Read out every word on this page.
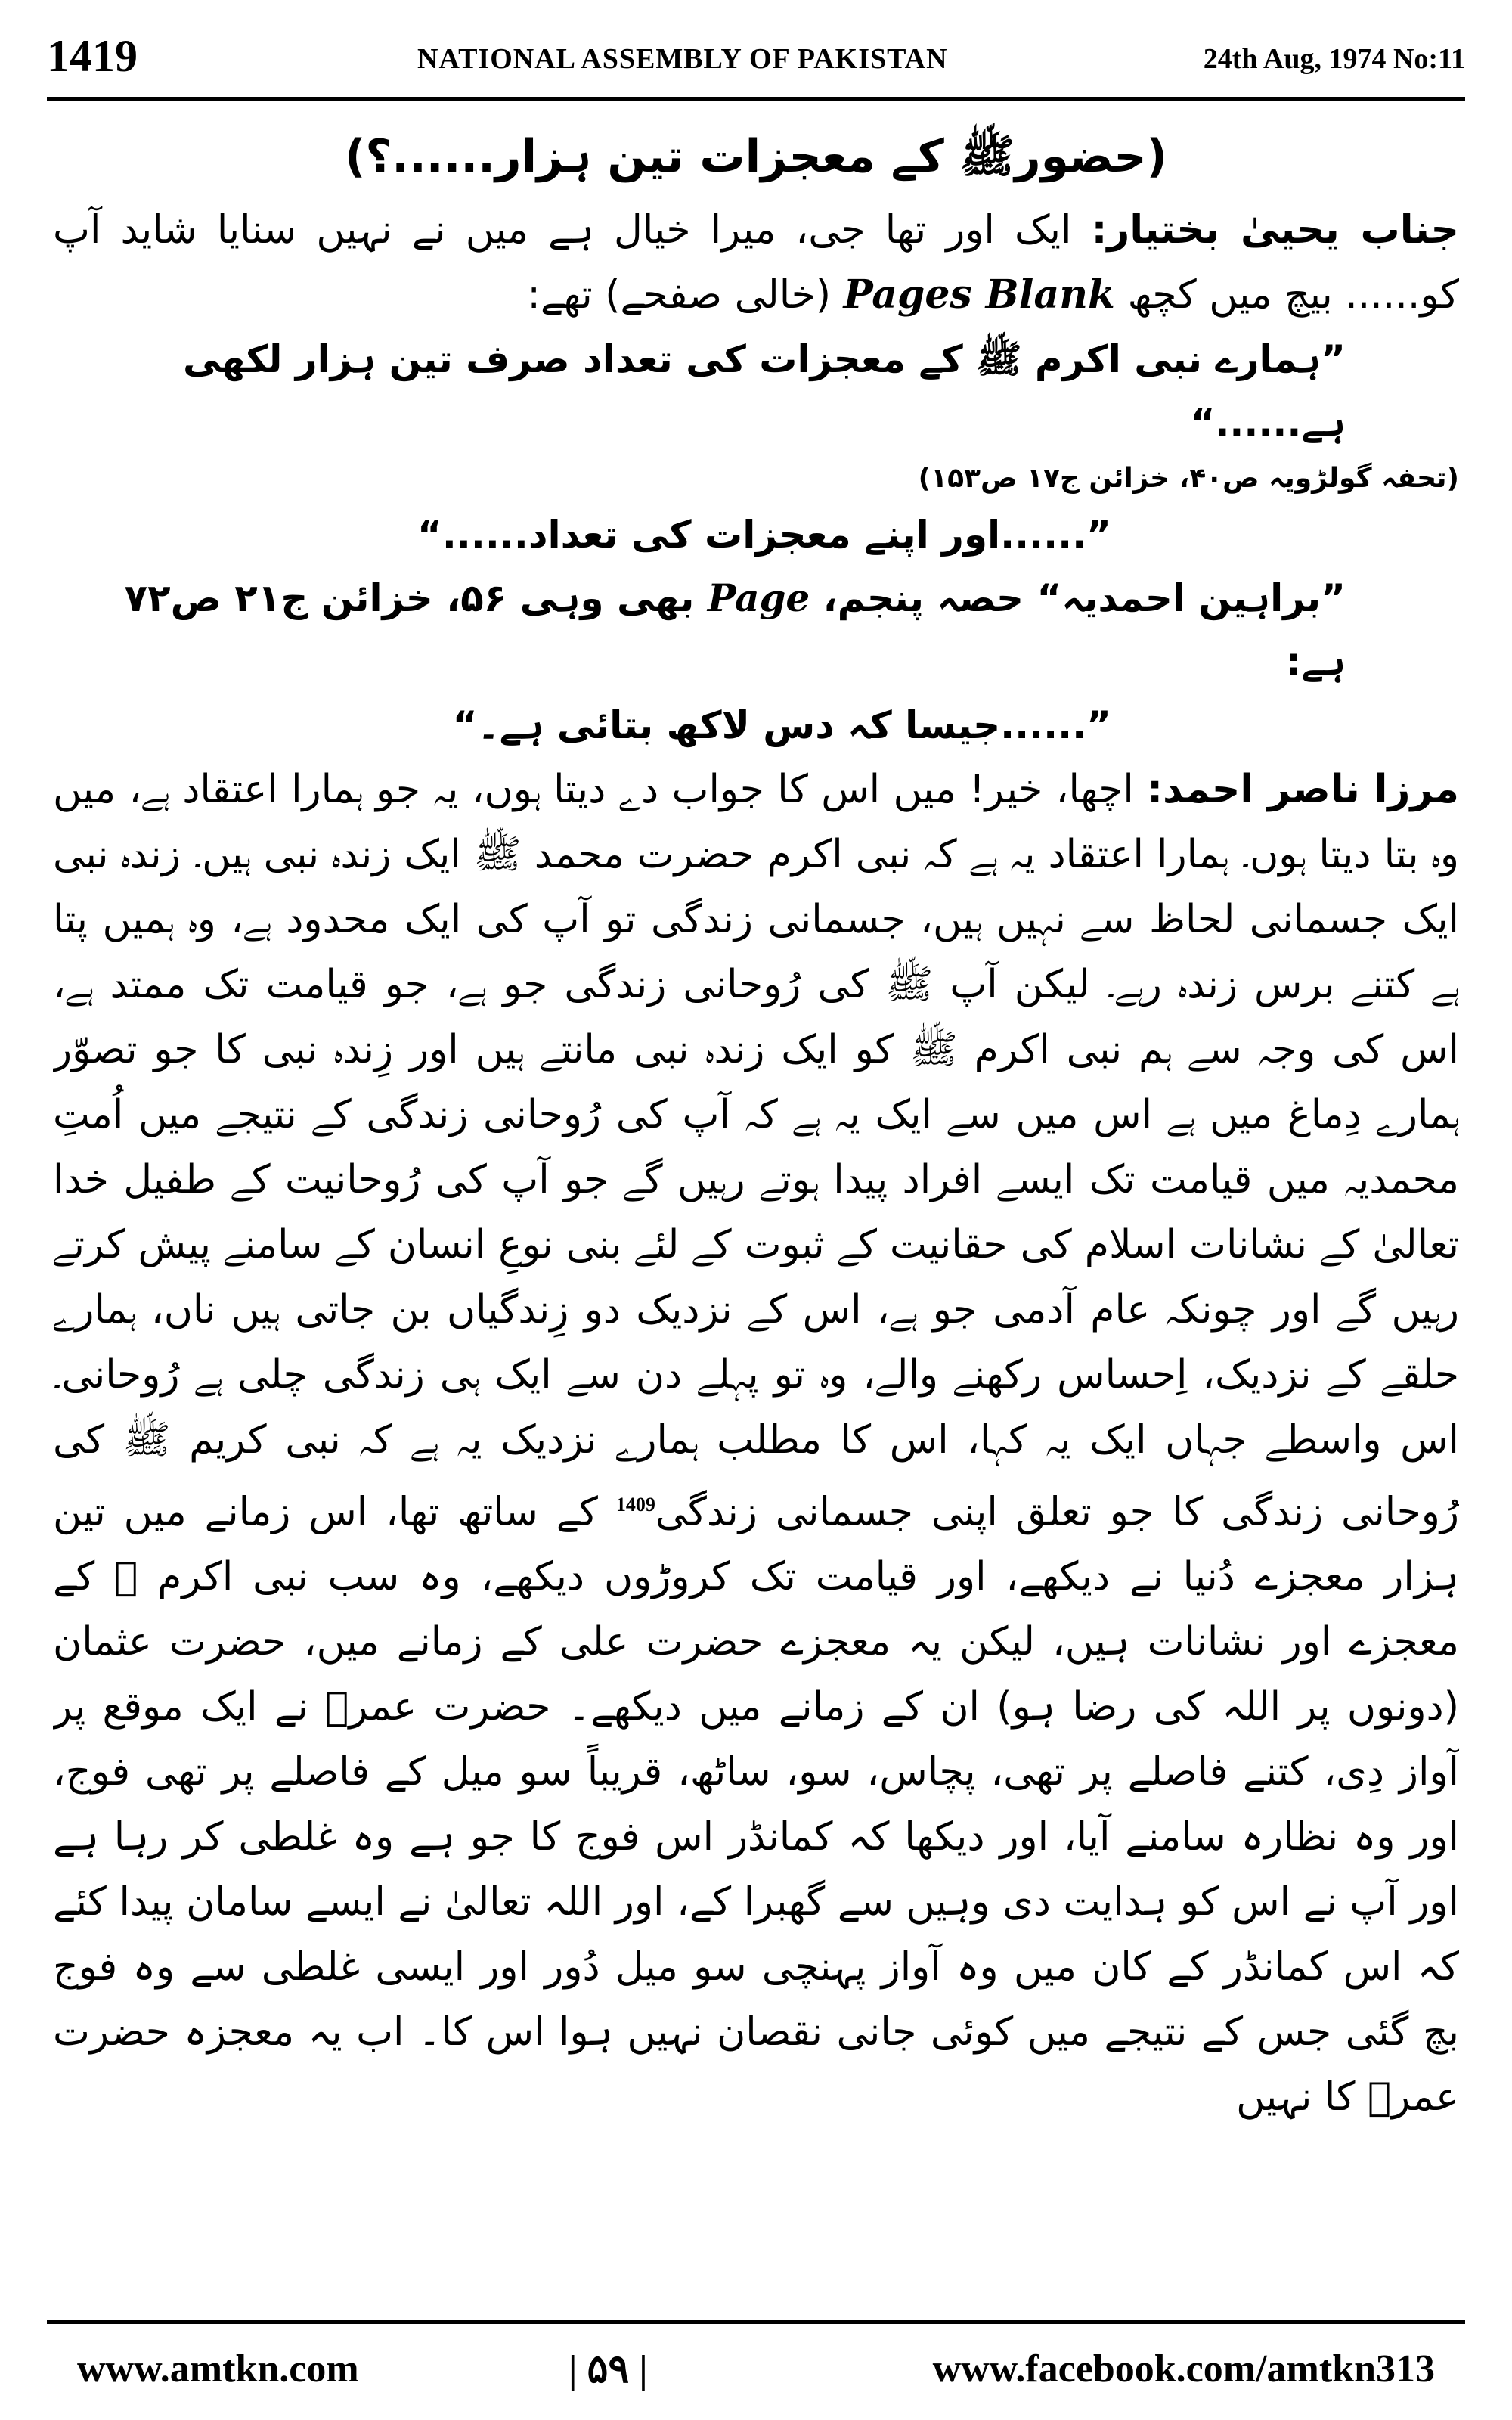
1419	NATIONAL ASSEMBLY OF PAKISTAN	24th Aug, 1974 No:11
(حضورﷺ کے معجزات تین ہزار......؟)

جناب یحییٰ بختیار: ایک اور تھا جی، میرا خیال ہے میں نے نہیں سنایا شاید آپ کو...... بیچ میں کچھ Pages Blank (خالی صفحے) تھے:

”ہمارے نبی اکرم ﷺ کے معجزات کی تعداد صرف تین ہزار لکھی ہے......“

(تحفہ گولڑویہ ص۴۰، خزائن ج۱۷ ص۱۵۳)

”......اور اپنے معجزات کی تعداد......“

”براہین احمدیہ“ حصہ پنجم، Page بھی وہی ۵۶، خزائن ج۲۱ ص۷۲ ہے:

”......جیسا کہ دس لاکھ بتائی ہے۔“

مرزا ناصر احمد: اچھا، خیر! میں اس کا جواب دے دیتا ہوں، یہ جو ہمارا اعتقاد ہے، میں وہ بتا دیتا ہوں۔ ہمارا اعتقاد یہ ہے کہ نبی اکرم حضرت محمد ﷺ ایک زندہ نبی ہیں۔ زندہ نبی ایک جسمانی لحاظ سے نہیں ہیں، جسمانی زندگی تو آپ کی ایک محدود ہے، وہ ہمیں پتا ہے کتنے برس زندہ رہے۔ لیکن آپ ﷺ کی رُوحانی زندگی جو ہے، جو قیامت تک ممتد ہے، اس کی وجہ سے ہم نبی اکرم ﷺ کو ایک زندہ نبی مانتے ہیں اور زِندہ نبی کا جو تصوّر ہمارے دِماغ میں ہے اس میں سے ایک یہ ہے کہ آپ کی رُوحانی زندگی کے نتیجے میں اُمتِ محمدیہ میں قیامت تک ایسے افراد پیدا ہوتے رہیں گے جو آپ کی رُوحانیت کے طفیل خدا تعالیٰ کے نشانات اسلام کی حقانیت کے ثبوت کے لئے بنی نوعِ انسان کے سامنے پیش کرتے رہیں گے اور چونکہ عام آدمی جو ہے، اس کے نزدیک دو زِندگیاں بن جاتی ہیں ناں، ہمارے حلقے کے نزدیک، اِحساس رکھنے والے، وہ تو پہلے دن سے ایک ہی زندگی چلی ہے رُوحانی۔ اس واسطے جہاں ایک یہ کہا، اس کا مطلب ہمارے نزدیک یہ ہے کہ نبی کریم ﷺ کی رُوحانی زندگی کا جو تعلق اپنی جسمانی زندگی$^{1409}$ کے ساتھ تھا، اس زمانے میں تین ہزار معجزے دُنیا نے دیکھے، اور قیامت تک کروڑوں دیکھے، وہ سب نبی اکرم ﷺ کے معجزے اور نشانات ہیں، لیکن یہ معجزے حضرت علی کے زمانے میں، حضرت عثمان (دونوں پر اللہ کی رضا ہو) ان کے زمانے میں دیکھے۔ حضرت عمرؓ نے ایک موقع پر آواز دِی، کتنے فاصلے پر تھی، پچاس، سو، ساٹھ، قریباً سو میل کے فاصلے پر تھی فوج، اور وہ نظارہ سامنے آیا، اور دیکھا کہ کمانڈر اس فوج کا جو ہے وہ غلطی کر رہا ہے اور آپ نے اس کو ہدایت دی وہیں سے گھبرا کے، اور اللہ تعالیٰ نے ایسے سامان پیدا کئے کہ اس کمانڈر کے کان میں وہ آواز پہنچی سو میل دُور اور ایسی غلطی سے وہ فوج بچ گئی جس کے نتیجے میں کوئی جانی نقصان نہیں ہوا اس کا۔ اب یہ معجزہ حضرت عمرؓ کا نہیں

www.amtkn.com	| ۵۹ |	www.facebook.com/amtkn313
